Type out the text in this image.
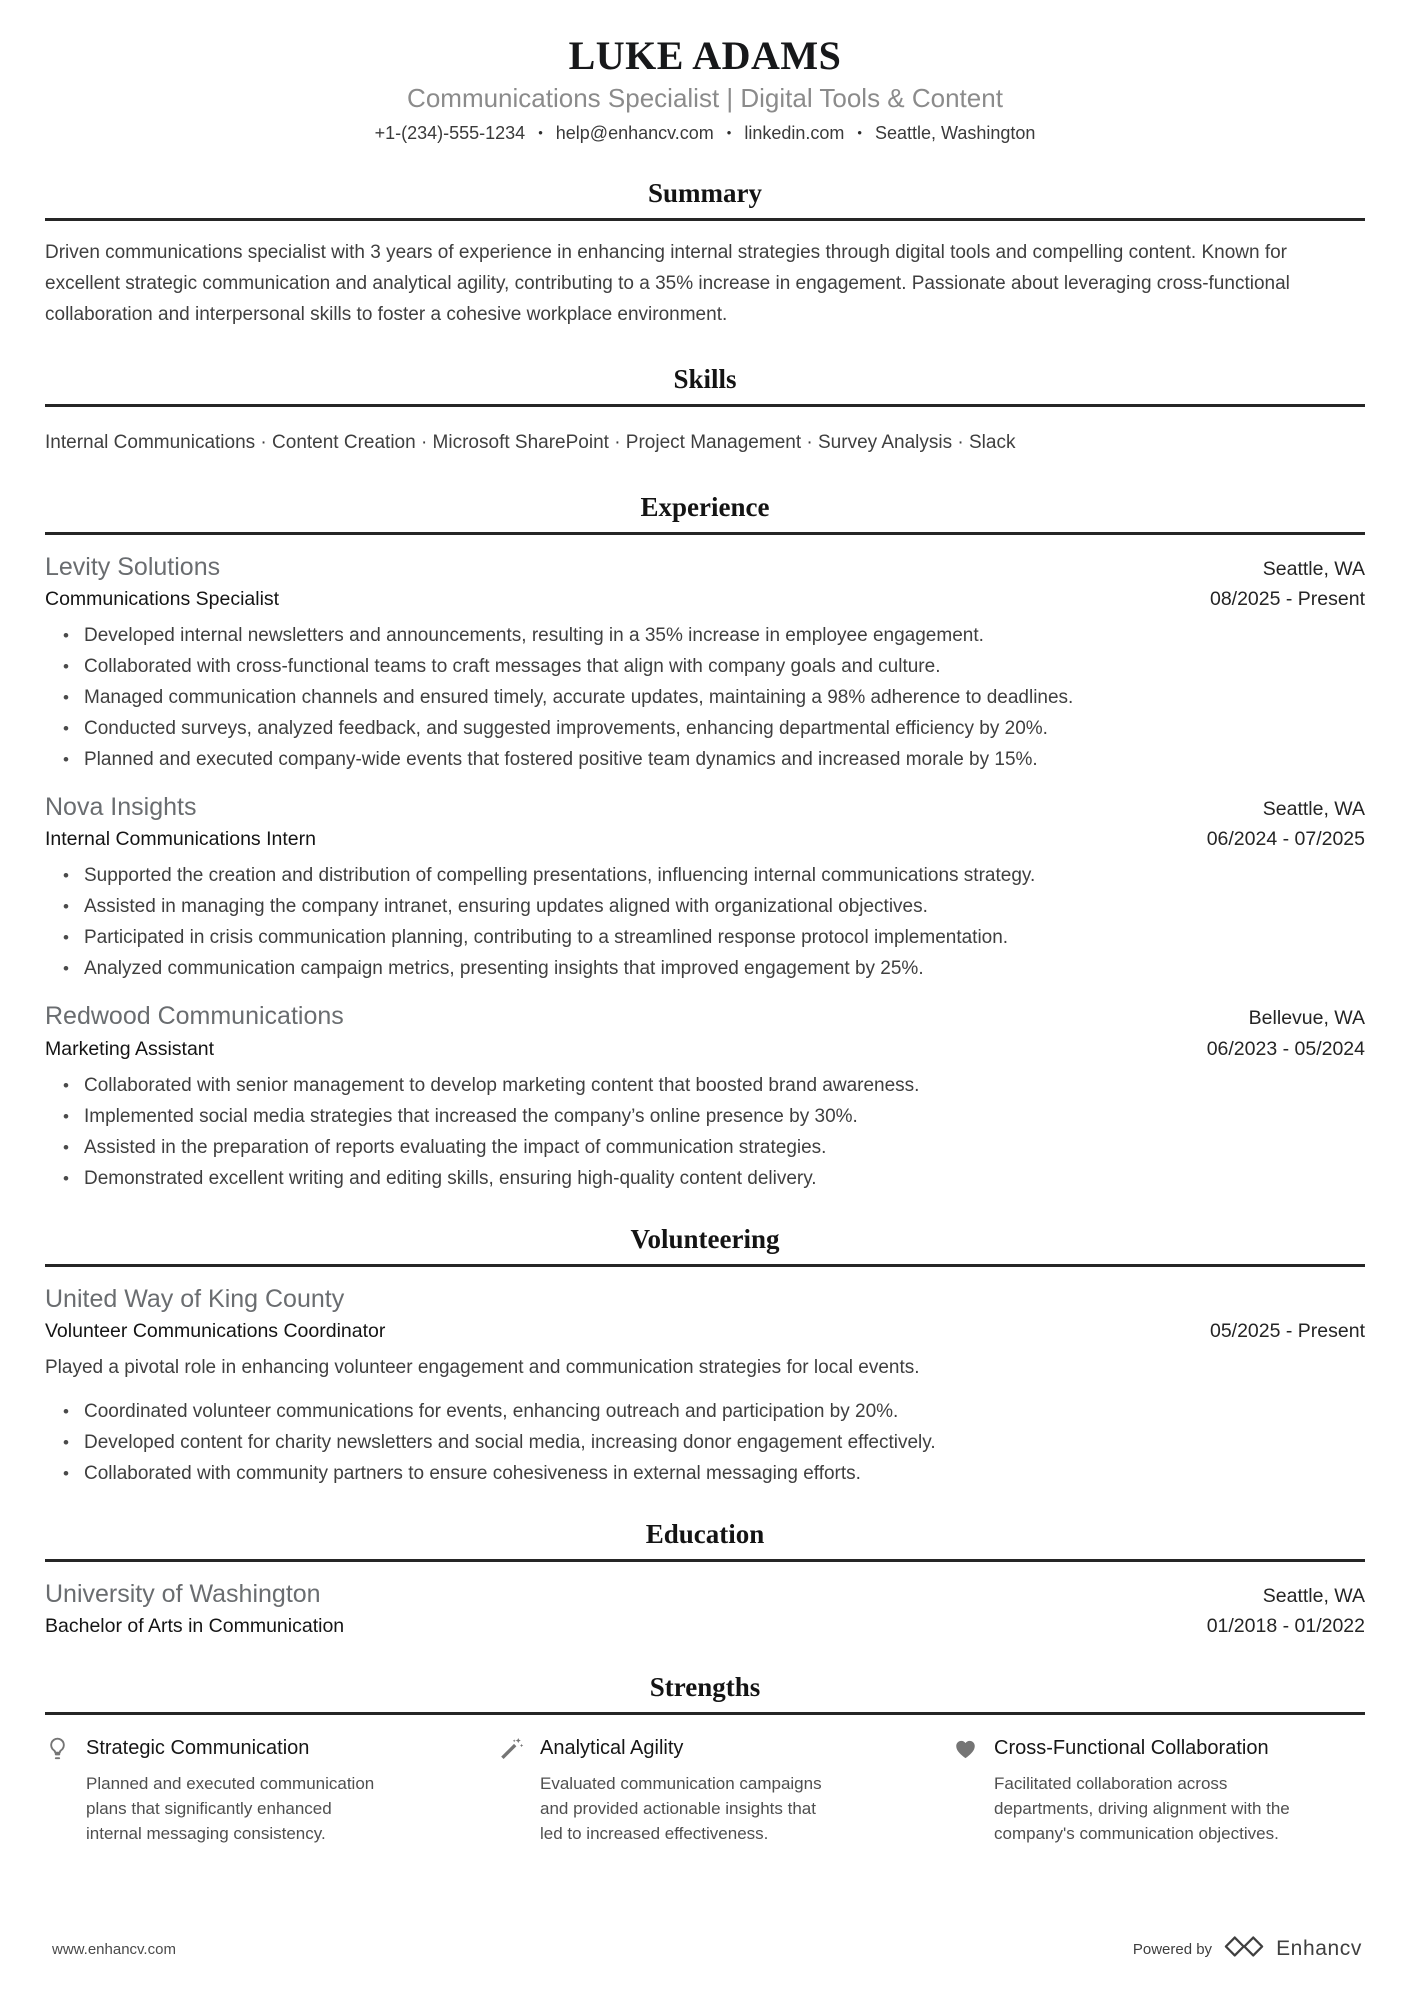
LUKE ADAMS
Communications Specialist | Digital Tools & Content
+1-(234)-555-1234	• help@enhancv.com	• linkedin.com	• Seattle, Washington
Summary

Driven communications specialist with 3 years of experience in enhancing internal strategies through digital tools and compelling content. Known for excellent strategic communication and analytical agility, contributing to a 35% increase in engagement. Passionate about leveraging cross-functional collaboration and interpersonal skills to foster a cohesive workplace environment.

Skills

Internal Communications · Content Creation · Microsoft SharePoint · Project Management · Survey Analysis · Slack

Experience
Levity Solutions	Seattle, WA
Communications Specialist	08/2025 - Present
• Developed internal newsletters and announcements, resulting in a 35% increase in employee engagement.
• Collaborated with cross-functional teams to craft messages that align with company goals and culture.
• Managed communication channels and ensured timely, accurate updates, maintaining a 98% adherence to deadlines.
• Conducted surveys, analyzed feedback, and suggested improvements, enhancing departmental efficiency by 20%.
• Planned and executed company-wide events that fostered positive team dynamics and increased morale by 15%.
Nova Insights	Seattle, WA
Internal Communications Intern	06/2024 - 07/2025
• Supported the creation and distribution of compelling presentations, influencing internal communications strategy.
• Assisted in managing the company intranet, ensuring updates aligned with organizational objectives.
• Participated in crisis communication planning, contributing to a streamlined response protocol implementation.
• Analyzed communication campaign metrics, presenting insights that improved engagement by 25%.
Redwood Communications	Bellevue, WA
Marketing Assistant	06/2023 - 05/2024
• Collaborated with senior management to develop marketing content that boosted brand awareness.
• Implemented social media strategies that increased the company’s online presence by 30%.
• Assisted in the preparation of reports evaluating the impact of communication strategies.
• Demonstrated excellent writing and editing skills, ensuring high-quality content delivery.
Volunteering
United Way of King County
Volunteer Communications Coordinator	05/2025 - Present

Played a pivotal role in enhancing volunteer engagement and communication strategies for local events.

• Coordinated volunteer communications for events, enhancing outreach and participation by 20%.
• Developed content for charity newsletters and social media, increasing donor engagement effectively.
• Collaborated with community partners to ensure cohesiveness in external messaging efforts.
Education
University of Washington	Seattle, WA
Bachelor of Arts in Communication	01/2018 - 01/2022
Strengths
Strategic Communication

Planned and executed communication plans that significantly enhanced internal messaging consistency.

Analytical Agility

Evaluated communication campaigns and provided actionable insights that led to increased effectiveness.

Cross-Functional Collaboration

Facilitated collaboration across departments, driving alignment with the company's communication objectives.

www.enhancv.com	Powered by	Enhancv
